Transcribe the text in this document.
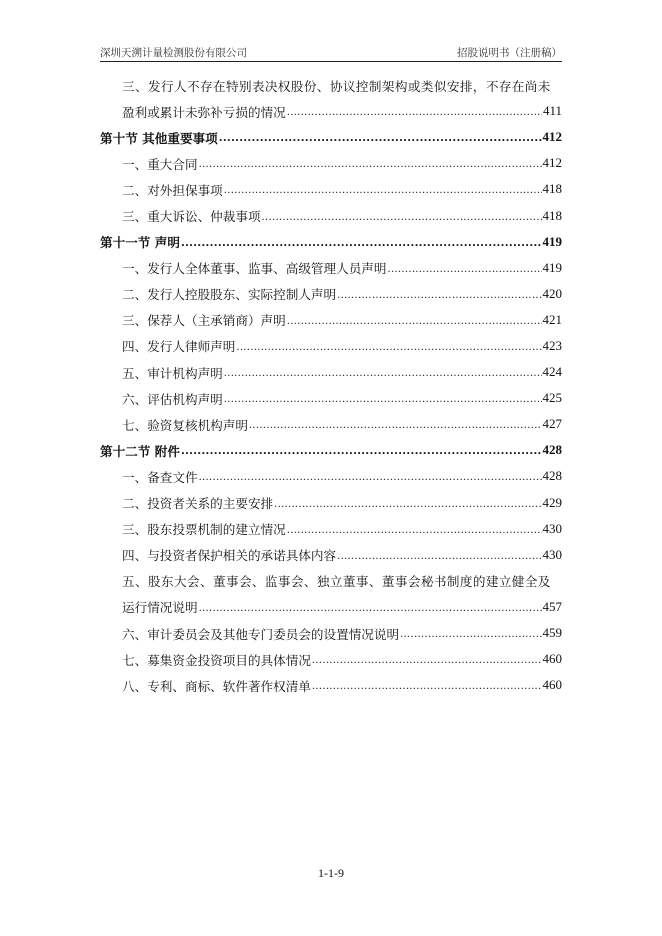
深圳天溯计量检测股份有限公司	招股说明书（注册稿）
三、发行人不存在特别表决权股份、协议控制架构或类似安排，不存在尚未
盈利或累计未弥补亏损的情况 .....	411
第十节 其他重要事项 .....	412
一、重大合同 .....	412
二、对外担保事项 .....	418
三、重大诉讼、仲裁事项 .....	418
第十一节 声明 .....	419
一、发行人全体董事、监事、高级管理人员声明 .....	419
二、发行人控股股东、实际控制人声明 .....	420
三、保荐人（主承销商）声明 .....	421
四、发行人律师声明 .....	423
五、审计机构声明 .....	424
六、评估机构声明 .....	425
七、验资复核机构声明 .....	427
第十二节 附件 .....	428
一、备查文件 .....	428
二、投资者关系的主要安排 .....	429
三、股东投票机制的建立情况 .....	430
四、与投资者保护相关的承诺具体内容 .....	430
五、股东大会、董事会、监事会、独立董事、董事会秘书制度的建立健全及
运行情况说明 .....	457
六、审计委员会及其他专门委员会的设置情况说明 .....	459
七、募集资金投资项目的具体情况 .....	460
八、专利、商标、软件著作权清单 .....	460
1-1-9
